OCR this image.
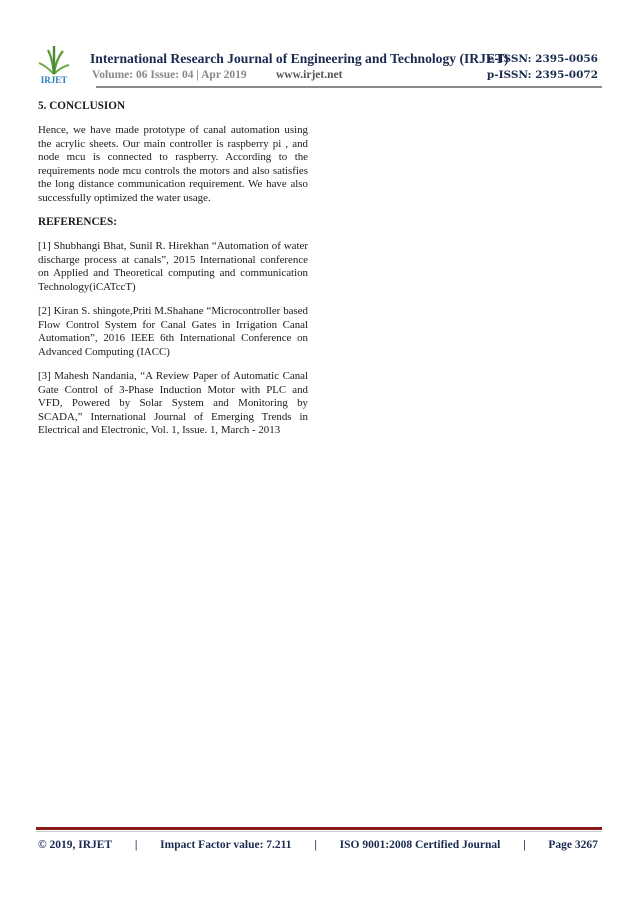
IRJET
International Research Journal of Engineering and Technology (IRJET)
e-ISSN: 2395-0056
Volume: 06 Issue: 04 | Apr 2019	www.irjet.net	p-ISSN: 2395-0072
5. CONCLUSION

Hence, we have made prototype of canal automation using the acrylic sheets. Our main controller is raspberry pi , and node mcu is connected to raspberry. According to the requirements node mcu controls the motors and also satisfies the long distance communication requirement. We have also successfully optimized the water usage.

REFERENCES:

[1] Shubhangi Bhat, Sunil R. Hirekhan “Automation of water discharge process at canals”, 2015 International conference on Applied and Theoretical computing and communication Technology(iCATccT)

[2] Kiran S. shingote,Priti M.Shahane “Microcontroller based Flow Control System for Canal Gates in Irrigation Canal Automation”, 2016 IEEE 6th International Conference on Advanced Computing (IACC)

[3] Mahesh Nandania, “A Review Paper of Automatic Canal Gate Control of 3-Phase Induction Motor with PLC and VFD, Powered by Solar System and Monitoring by SCADA,” International Journal of Emerging Trends in Electrical and Electronic, Vol. 1, Issue. 1, March - 2013

© 2019, IRJET | Impact Factor value: 7.211 | ISO 9001:2008 Certified Journal | Page 3267
